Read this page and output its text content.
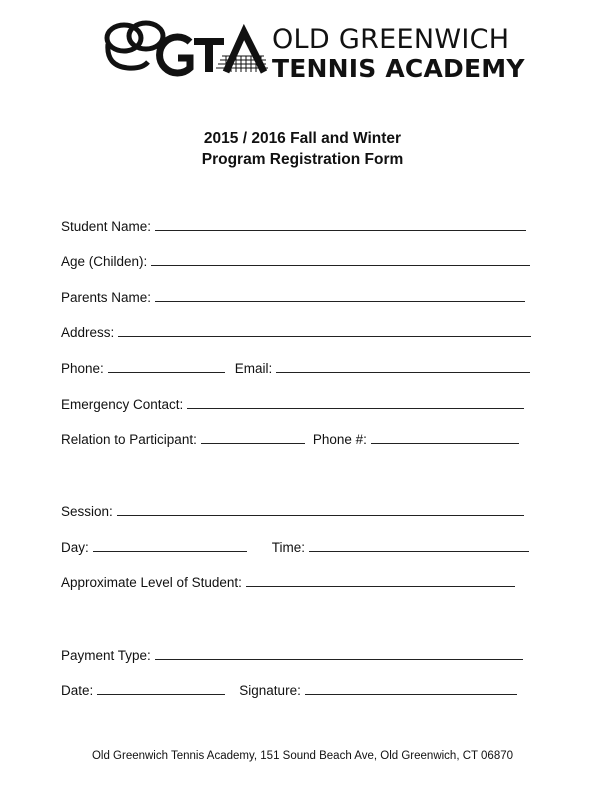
OLD GREENWICH
TENNIS ACADEMY
2015 / 2016 Fall and Winter
Program Registration Form
Student Name:
Age (Childen):
Parents Name:
Address:
Phone:	Email:
Emergency Contact:
Relation to Participant:	Phone #:
Session:
Day:	Time:
Approximate Level of Student:
Payment Type:
Date:	Signature:
Old Greenwich Tennis Academy, 151 Sound Beach Ave, Old Greenwich, CT 06870
